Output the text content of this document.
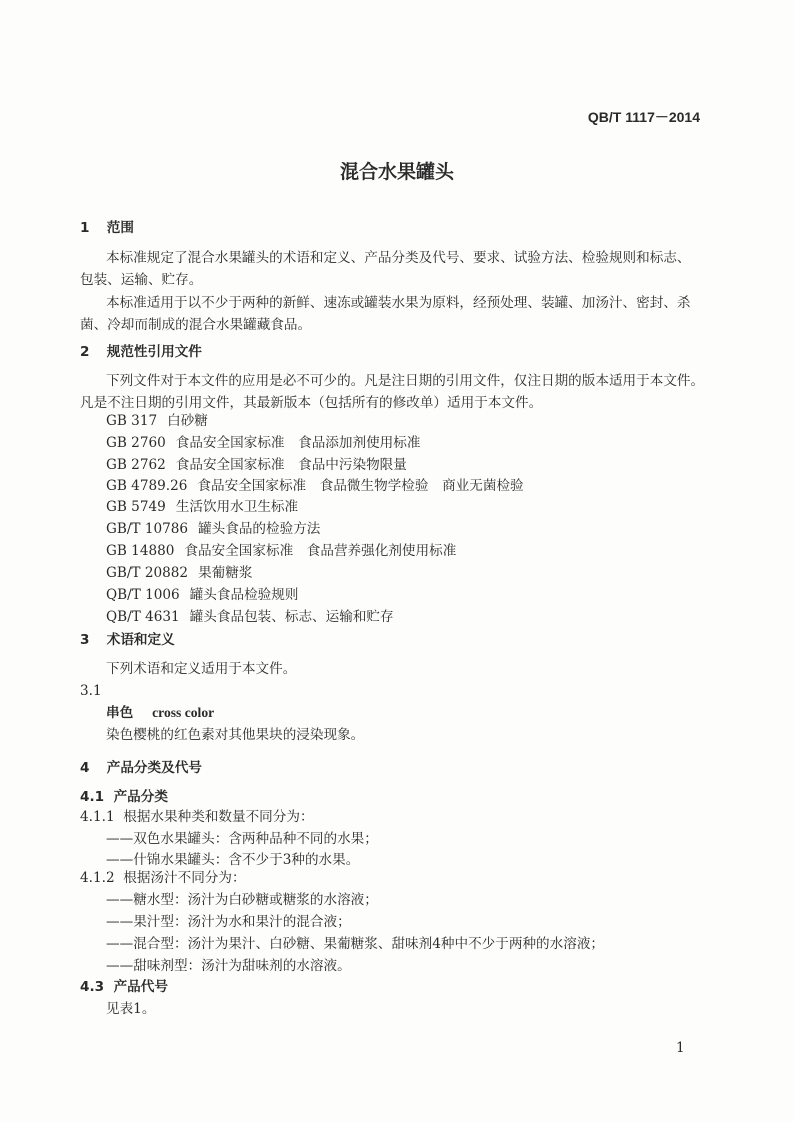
QB/T 1117－2014
混合水果罐头
1 范围
本标准规定了混合水果罐头的术语和定义、产品分类及代号、要求、试验方法、检验规则和标志、
包装、运输、贮存。
本标准适用于以不少于两种的新鲜、速冻或罐装水果为原料，经预处理、装罐、加汤汁、密封、杀
菌、冷却而制成的混合水果罐藏食品。
2 规范性引用文件
下列文件对于本文件的应用是必不可少的。凡是注日期的引用文件，仅注日期的版本适用于本文件。
凡是不注日期的引用文件，其最新版本（包括所有的修改单）适用于本文件。
GB 317 白砂糖
GB 2760 食品安全国家标准　食品添加剂使用标准
GB 2762 食品安全国家标准　食品中污染物限量
GB 4789.26 食品安全国家标准　食品微生物学检验　商业无菌检验
GB 5749 生活饮用水卫生标准
GB/T 10786 罐头食品的检验方法
GB 14880 食品安全国家标准　食品营养强化剂使用标准
GB/T 20882 果葡糖浆
QB/T 1006 罐头食品检验规则
QB/T 4631 罐头食品包装、标志、运输和贮存
3 术语和定义
下列术语和定义适用于本文件。
3.1
串色 cross color
染色樱桃的红色素对其他果块的浸染现象。
4 产品分类及代号
4.1 产品分类
4.1.1 根据水果种类和数量不同分为：
——双色水果罐头：含两种品种不同的水果；
——什锦水果罐头：含不少于3种的水果。
4.1.2 根据汤汁不同分为：
——糖水型：汤汁为白砂糖或糖浆的水溶液；
——果汁型：汤汁为水和果汁的混合液；
——混合型：汤汁为果汁、白砂糖、果葡糖浆、甜味剂4种中不少于两种的水溶液；
——甜味剂型：汤汁为甜味剂的水溶液。
4.3 产品代号
见表1。
1
